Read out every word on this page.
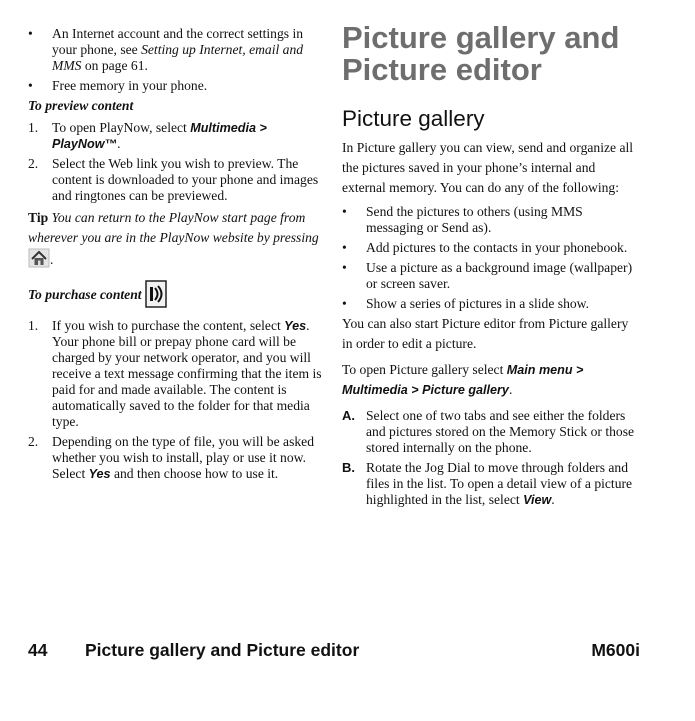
• An Internet account and the correct settings in your phone, see Setting up Internet, email and MMS on page 61.
• Free memory in your phone.
To preview content
1. To open PlayNow, select Multimedia > PlayNow™.
2. Select the Web link you wish to preview. The content is downloaded to your phone and images and ringtones can be previewed.
Tip You can return to the PlayNow start page from wherever you are in the PlayNow website by pressing .
To purchase content
1. If you wish to purchase the content, select Yes. Your phone bill or prepay phone card will be charged by your network operator, and you will receive a text message confirming that the item is paid for and made available. The content is automatically saved to the folder for that media type.
2. Depending on the type of file, you will be asked whether you wish to install, play or use it now. Select Yes and then choose how to use it.
Picture gallery and Picture editor
Picture gallery
In Picture gallery you can view, send and organize all the pictures saved in your phone’s internal and external memory. You can do any of the following:
• Send the pictures to others (using MMS messaging or Send as).
• Add pictures to the contacts in your phonebook.
• Use a picture as a background image (wallpaper) or screen saver.
• Show a series of pictures in a slide show.
You can also start Picture editor from Picture gallery in order to edit a picture.
To open Picture gallery select Main menu > Multimedia > Picture gallery.
A. Select one of two tabs and see either the folders and pictures stored on the Memory Stick or those stored internally on the phone.
B. Rotate the Jog Dial to move through folders and files in the list. To open a detail view of a picture highlighted in the list, select View.
44 Picture gallery and Picture editor	M600i
